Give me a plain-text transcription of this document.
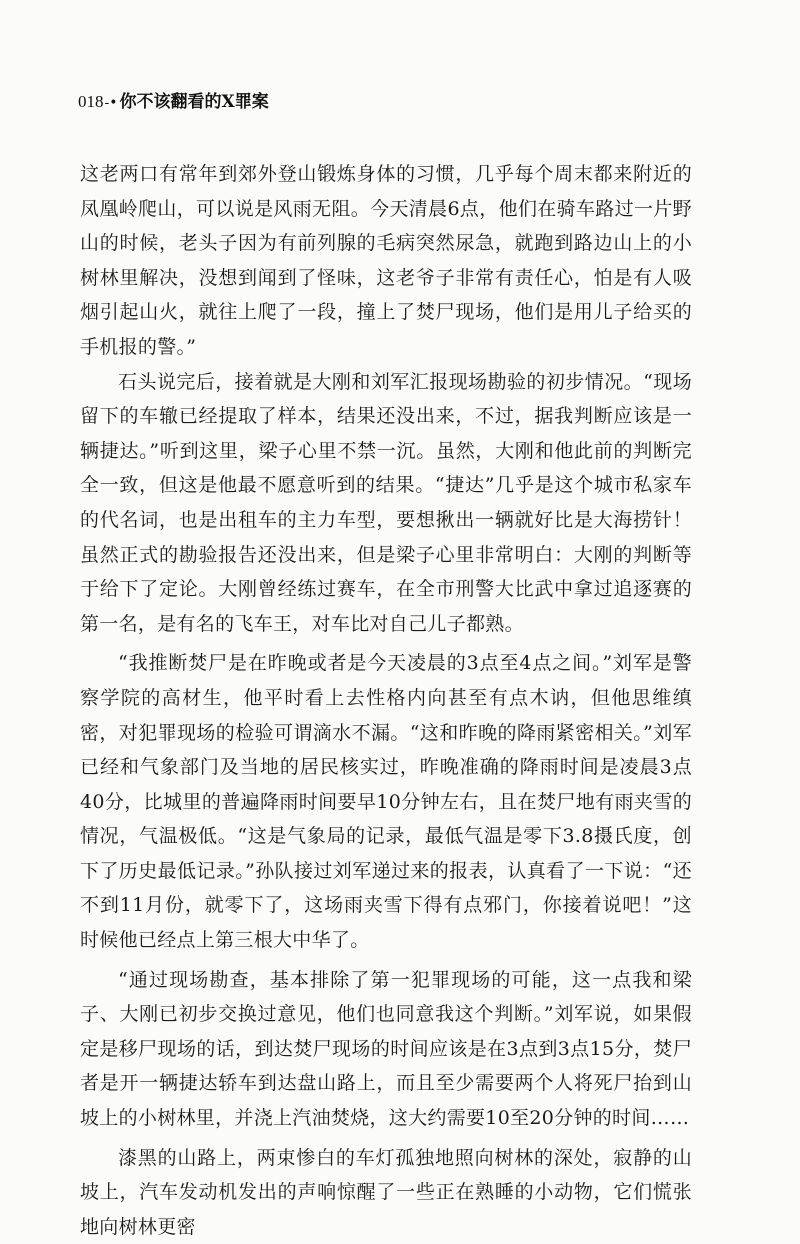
018-• 你不该翻看的X罪案

这老两口有常年到郊外登山锻炼身体的习惯，几乎每个周末都来附近的凤凰岭爬山，可以说是风雨无阻。今天清晨6点，他们在骑车路过一片野山的时候，老头子因为有前列腺的毛病突然尿急，就跑到路边山上的小树林里解决，没想到闻到了怪味，这老爷子非常有责任心，怕是有人吸烟引起山火，就往上爬了一段，撞上了焚尸现场，他们是用儿子给买的手机报的警。”

石头说完后，接着就是大刚和刘军汇报现场勘验的初步情况。“现场留下的车辙已经提取了样本，结果还没出来，不过，据我判断应该是一辆捷达。”听到这里，梁子心里不禁一沉。虽然，大刚和他此前的判断完全一致，但这是他最不愿意听到的结果。“捷达”几乎是这个城市私家车的代名词，也是出租车的主力车型，要想揪出一辆就好比是大海捞针！虽然正式的勘验报告还没出来，但是梁子心里非常明白：大刚的判断等于给下了定论。大刚曾经练过赛车，在全市刑警大比武中拿过追逐赛的第一名，是有名的飞车王，对车比对自己儿子都熟。

“我推断焚尸是在昨晚或者是今天凌晨的3点至4点之间。”刘军是警察学院的高材生，他平时看上去性格内向甚至有点木讷，但他思维缜密，对犯罪现场的检验可谓滴水不漏。“这和昨晚的降雨紧密相关。”刘军已经和气象部门及当地的居民核实过，昨晚准确的降雨时间是凌晨3点40分，比城里的普遍降雨时间要早10分钟左右，且在焚尸地有雨夹雪的情况，气温极低。“这是气象局的记录，最低气温是零下3.8摄氏度，创下了历史最低记录。”孙队接过刘军递过来的报表，认真看了一下说：“还不到11月份，就零下了，这场雨夹雪下得有点邪门，你接着说吧！”这时候他已经点上第三根大中华了。

“通过现场勘查，基本排除了第一犯罪现场的可能，这一点我和梁子、大刚已初步交换过意见，他们也同意我这个判断。”刘军说，如果假定是移尸现场的话，到达焚尸现场的时间应该是在3点到3点15分，焚尸者是开一辆捷达轿车到达盘山路上，而且至少需要两个人将死尸抬到山坡上的小树林里，并浇上汽油焚烧，这大约需要10至20分钟的时间……

漆黑的山路上，两束惨白的车灯孤独地照向树林的深处，寂静的山坡上，汽车发动机发出的声响惊醒了一些正在熟睡的小动物，它们慌张地向树林更密
